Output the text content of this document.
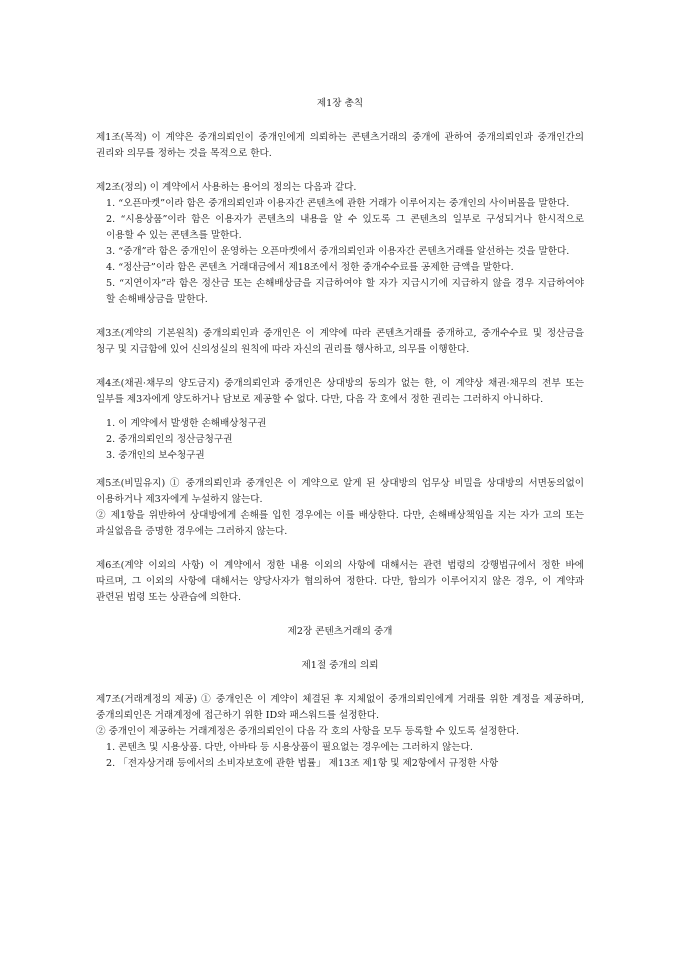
제1장 총칙

제1조(목적) 이 계약은 중개의뢰인이 중개인에게 의뢰하는 콘텐츠거래의 중개에 관하여 중개의뢰인과 중개인간의 권리와 의무를 정하는 것을 목적으로 한다.

제2조(정의) 이 계약에서 사용하는 용어의 정의는 다음과 같다.

1. “오픈마켓”이라 함은 중개의뢰인과 이용자간 콘텐츠에 관한 거래가 이루어지는 중개인의 사이버몰을 말한다.

2. “시용상품”이라 함은 이용자가 콘텐츠의 내용을 알 수 있도록 그 콘텐츠의 일부로 구성되거나 한시적으로 이용할 수 있는 콘텐츠를 말한다.

3. “중개”라 함은 중개인이 운영하는 오픈마켓에서 중개의뢰인과 이용자간 콘텐츠거래를 알선하는 것을 말한다.

4. “정산금”이라 함은 콘텐츠 거래대금에서 제18조에서 정한 중개수수료를 공제한 금액을 말한다.

5. “지연이자”라 함은 정산금 또는 손해배상금을 지급하여야 할 자가 지급시기에 지급하지 않을 경우 지급하여야 할 손해배상금을 말한다.

제3조(계약의 기본원칙) 중개의뢰인과 중개인은 이 계약에 따라 콘텐츠거래를 중개하고, 중개수수료 및 정산금을 청구 및 지급함에 있어 신의성실의 원칙에 따라 자신의 권리를 행사하고, 의무를 이행한다.

제4조(채권·채무의 양도금지) 중개의뢰인과 중개인은 상대방의 동의가 없는 한, 이 계약상 채권·채무의 전부 또는 일부를 제3자에게 양도하거나 담보로 제공할 수 없다. 다만, 다음 각 호에서 정한 권리는 그러하지 아니하다.

1. 이 계약에서 발생한 손해배상청구권

2. 중개의뢰인의 정산금청구권

3. 중개인의 보수청구권

제5조(비밀유지) ① 중개의뢰인과 중개인은 이 계약으로 알게 된 상대방의 업무상 비밀을 상대방의 서면동의없이 이용하거나 제3자에게 누설하지 않는다.

② 제1항을 위반하여 상대방에게 손해를 입힌 경우에는 이를 배상한다. 다만, 손해배상책임을 지는 자가 고의 또는 과실없음을 증명한 경우에는 그러하지 않는다.

제6조(계약 이외의 사항) 이 계약에서 정한 내용 이외의 사항에 대해서는 관련 법령의 강행법규에서 정한 바에 따르며, 그 이외의 사항에 대해서는 양당사자가 협의하여 정한다. 다만, 합의가 이루어지지 않은 경우, 이 계약과 관련된 법령 또는 상관습에 의한다.

제2장 콘텐츠거래의 중개

제1절 중개의 의뢰

제7조(거래계정의 제공) ① 중개인은 이 계약이 체결된 후 지체없이 중개의뢰인에게 거래를 위한 계정을 제공하며, 중개의뢰인은 거래계정에 접근하기 위한 ID와 패스워드를 설정한다.

② 중개인이 제공하는 거래계정은 중개의뢰인이 다음 각 호의 사항을 모두 등록할 수 있도록 설정한다.

1. 콘텐츠 및 시용상품. 다만, 아바타 등 시용상품이 필요없는 경우에는 그러하지 않는다.

2. 「전자상거래 등에서의 소비자보호에 관한 법률」 제13조 제1항 및 제2항에서 규정한 사항
